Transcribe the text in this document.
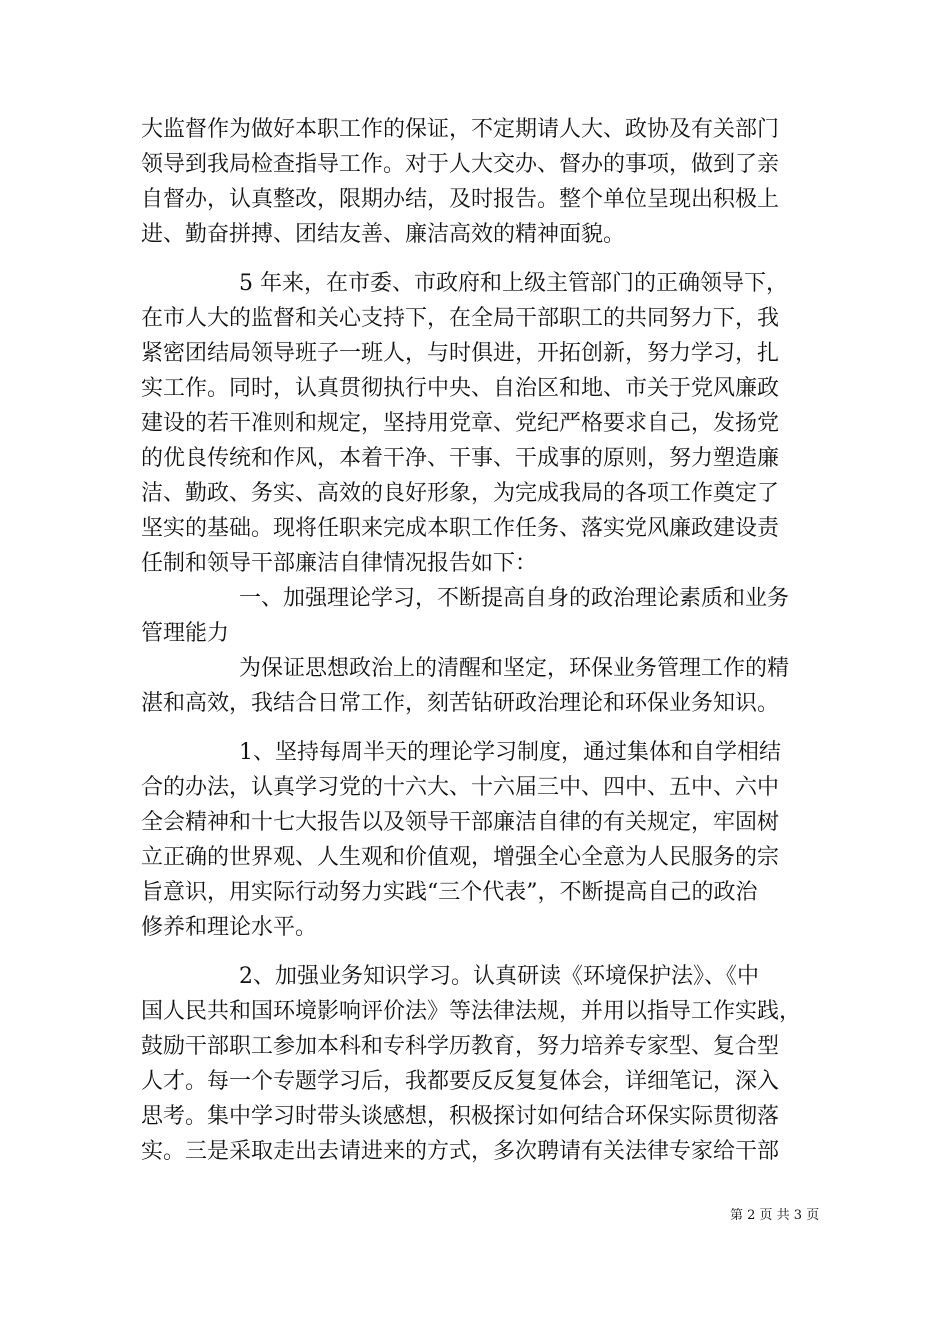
大监督作为做好本职工作的保证，不定期请人大、政协及有关部门
领导到我局检查指导工作。对于人大交办、督办的事项，做到了亲
自督办，认真整改，限期办结，及时报告。整个单位呈现出积极上
进、勤奋拼搏、团结友善、廉洁高效的精神面貌。
5 年来，在市委、市政府和上级主管部门的正确领导下，
在市人大的监督和关心支持下，在全局干部职工的共同努力下，我
紧密团结局领导班子一班人，与时俱进，开拓创新，努力学习，扎
实工作。同时，认真贯彻执行中央、自治区和地、市关于党风廉政
建设的若干准则和规定，坚持用党章、党纪严格要求自己，发扬党
的优良传统和作风，本着干净、干事、干成事的原则，努力塑造廉
洁、勤政、务实、高效的良好形象，为完成我局的各项工作奠定了
坚实的基础。现将任职来完成本职工作任务、落实党风廉政建设责
任制和领导干部廉洁自律情况报告如下：
一、加强理论学习，不断提高自身的政治理论素质和业务
管理能力
为保证思想政治上的清醒和坚定，环保业务管理工作的精
湛和高效，我结合日常工作，刻苦钻研政治理论和环保业务知识。
1、坚持每周半天的理论学习制度，通过集体和自学相结
合的办法，认真学习党的十六大、十六届三中、四中、五中、六中
全会精神和十七大报告以及领导干部廉洁自律的有关规定，牢固树
立正确的世界观、人生观和价值观，增强全心全意为人民服务的宗
旨意识，用实际行动努力实践“三个代表”，不断提高自己的政治
修养和理论水平。
2、加强业务知识学习。认真研读《环境保护法》、《中
国人民共和国环境影响评价法》等法律法规，并用以指导工作实践，
鼓励干部职工参加本科和专科学历教育，努力培养专家型、复合型
人才。每一个专题学习后，我都要反反复复体会，详细笔记，深入
思考。集中学习时带头谈感想，积极探讨如何结合环保实际贯彻落
实。三是采取走出去请进来的方式，多次聘请有关法律专家给干部
第 2 页 共 3 页
